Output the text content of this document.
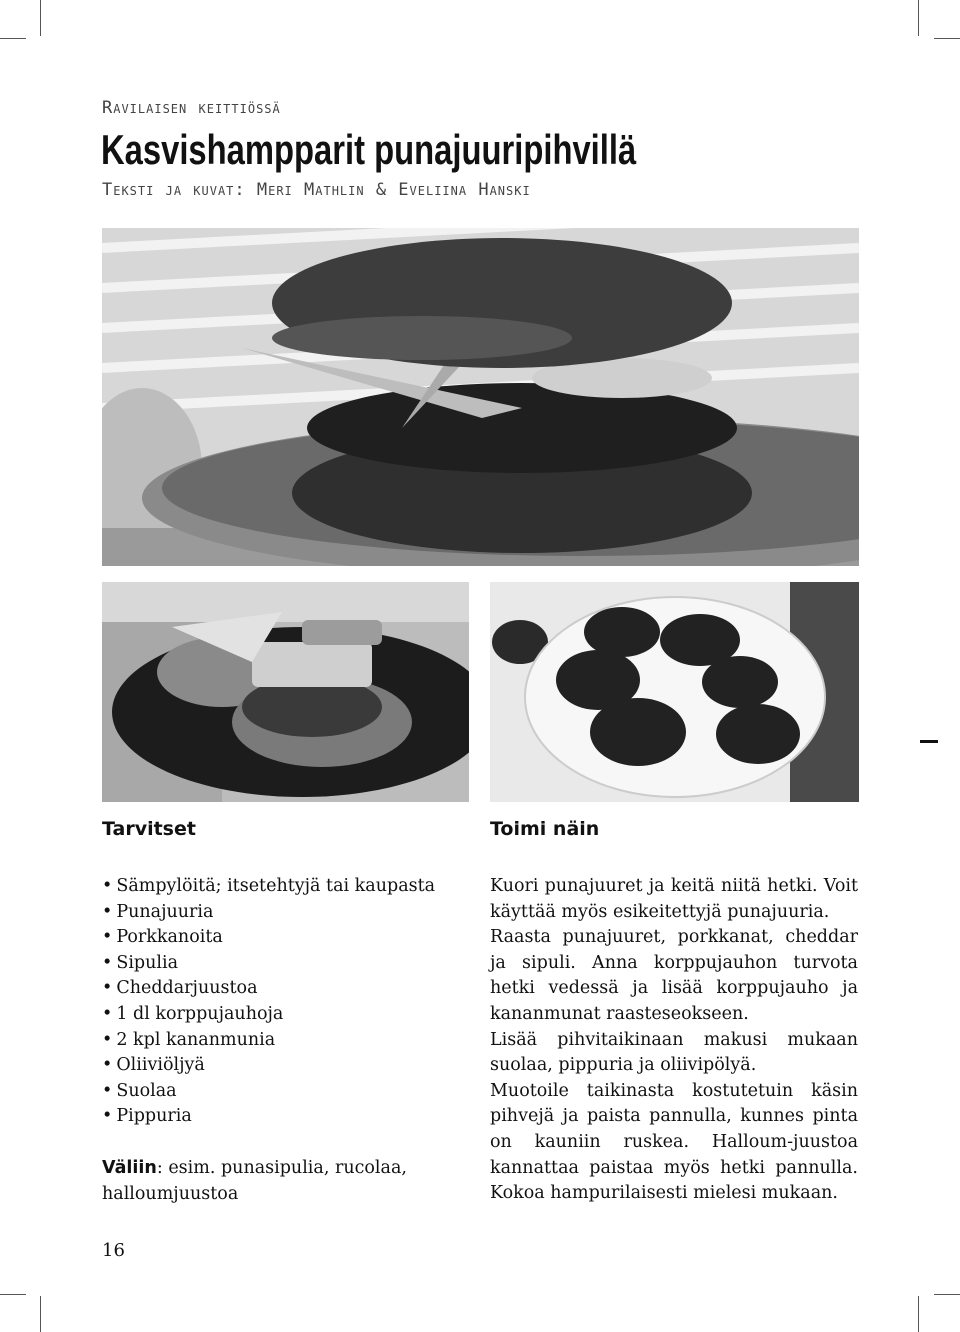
Ravilaisen keittiössä
Kasvishampparit punajuuripihvillä
Teksti ja kuvat: Meri Mathlin & Eveliina Hanski
Tarvitset	Toimi näin
• Sämpylöitä; itsetehtyjä tai kaupasta
• Punajuuria
• Porkkanoita
• Sipulia
• Cheddarjuustoa
• 1 dl korppujauhoja
• 2 kpl kananmunia
• Oliiviöljyä
• Suolaa
• Pippuria
Väliin: esim. punasipulia, rucolaa, halloumjuustoa

Kuori punajuuret ja keitä niitä hetki. Voit käyttää myös esikeitettyjä punajuuria.

Raasta punajuuret, porkkanat, cheddar ja sipuli. Anna korppujauhon turvota hetki vedessä ja lisää korppujauho ja kananmunat raasteseokseen.

Lisää pihvitaikinaan makusi mukaan suolaa, pippuria ja oliivipölyä.

Muotoile taikinasta kostutetuin käsin pihvejä ja paista pannulla, kunnes pinta on kauniin ruskea. Halloum-juustoa kannattaa paistaa myös hetki pannulla. Kokoa hampurilaisesti mielesi mukaan.

16
